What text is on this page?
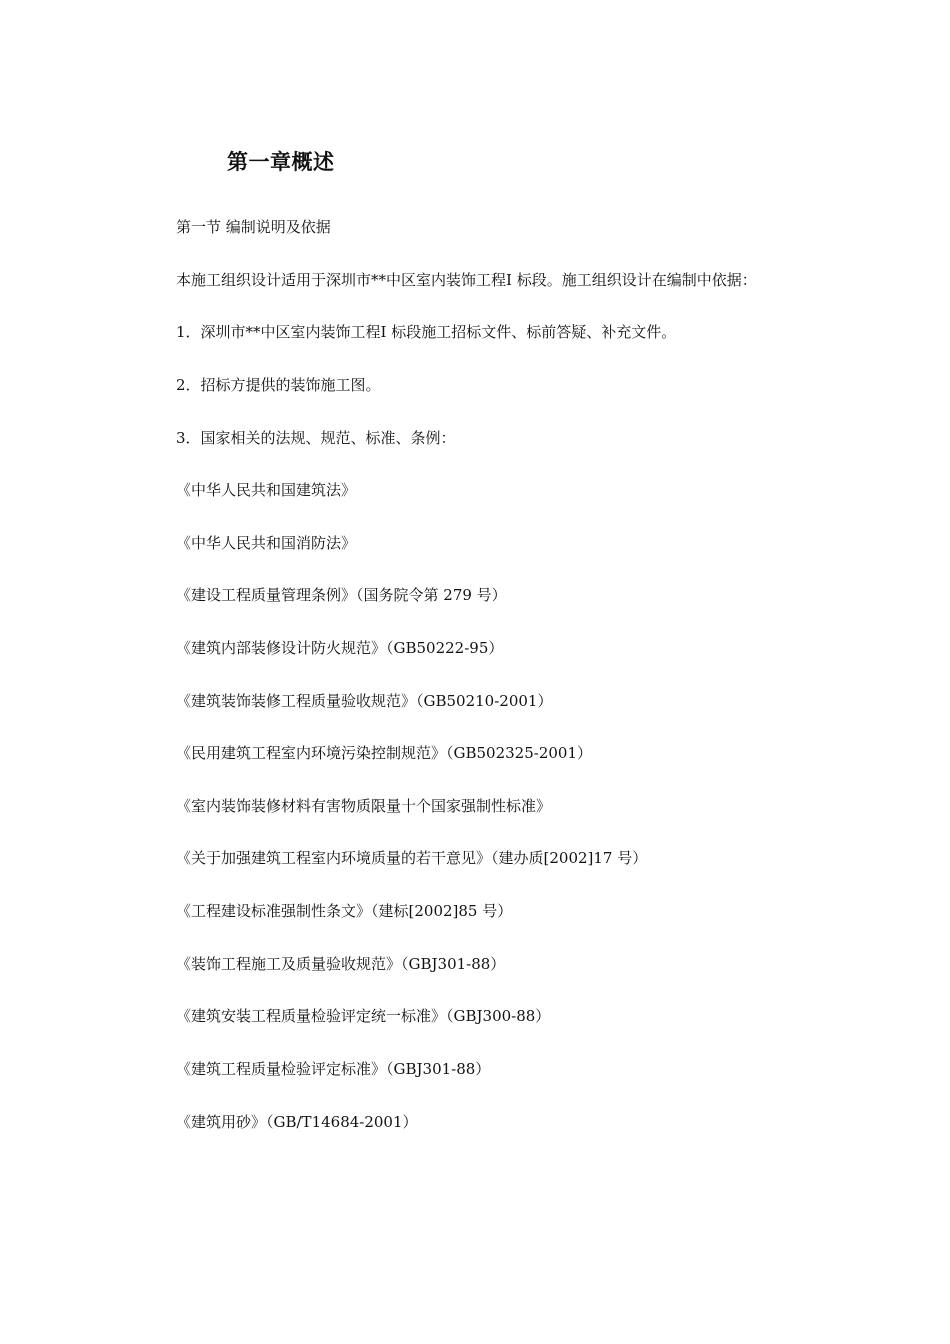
第一章概述

第一节 编制说明及依据

本施工组织设计适用于深圳市**中区室内装饰工程Ⅰ 标段。施工组织设计在编制中依据：

1．深圳市**中区室内装饰工程Ⅰ 标段施工招标文件、标前答疑、补充文件。

2．招标方提供的装饰施工图。

3．国家相关的法规、规范、标准、条例：

《中华人民共和国建筑法》

《中华人民共和国消防法》

《建设工程质量管理条例》（国务院令第 279 号）

《建筑内部装修设计防火规范》（GB50222-95）

《建筑装饰装修工程质量验收规范》（GB50210-2001）

《民用建筑工程室内环境污染控制规范》（GB502325-2001）

《室内装饰装修材料有害物质限量十个国家强制性标准》

《关于加强建筑工程室内环境质量的若干意见》（建办质[2002]17 号）

《工程建设标准强制性条文》（建标[2002]85 号）

《装饰工程施工及质量验收规范》（GBJ301-88）

《建筑安装工程质量检验评定统一标准》（GBJ300-88）

《建筑工程质量检验评定标准》（GBJ301-88）

《建筑用砂》（GB/T14684-2001）
